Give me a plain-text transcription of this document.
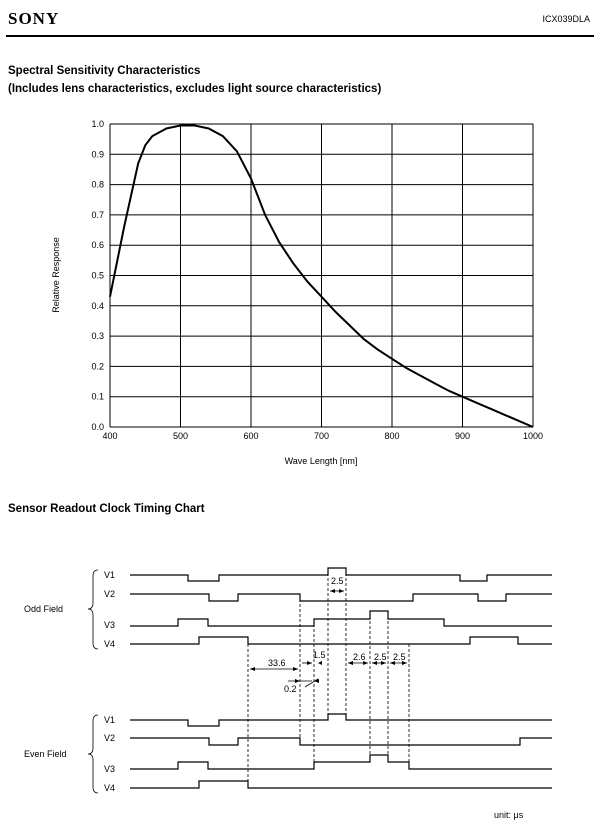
SONY	ICX039DLA
Spectral Sensitivity Characteristics
(Includes lens characteristics, excludes light source characteristics)
Sensor Readout Clock Timing Chart
0.0
0.1
0.2
0.3
0.4
0.5
0.6
0.7
0.8
0.9
1.0
400	500	600	700	800	900	1000
Wave Length [nm]
Relative Response
Odd Field
Even Field
V1
V2
V3
V4
V1
V2
V3
V4
2.5
33.6
1.5
0.2
2.6 2.5 2.5
unit: μs
